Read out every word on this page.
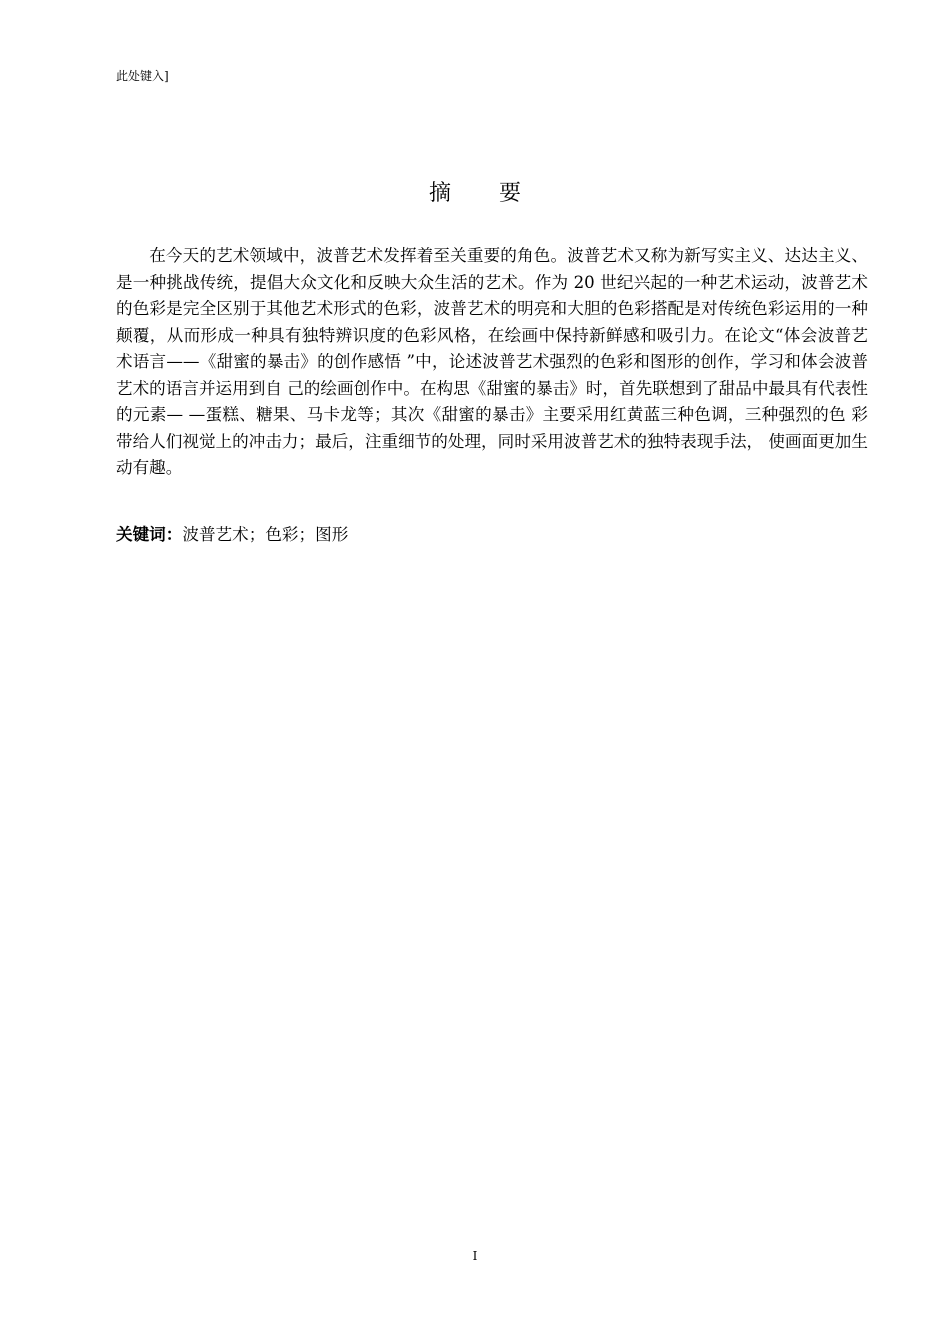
此处键入]
摘 要

在今天的艺术领域中，波普艺术发挥着至关重要的角色。波普艺术又称为新写实主义、达达主义、是一种挑战传统，提倡大众文化和反映大众生活的艺术。作为 20 世纪兴起的一种艺术运动，波普艺术的色彩是完全区别于其他艺术形式的色彩，波普艺术的明亮和大胆的色彩搭配是对传统色彩运用的一种颠覆，从而形成一种具有独特辨识度的色彩风格，在绘画中保持新鲜感和吸引力。在论文“体会波普艺术语言——《甜蜜的暴击》的创作感悟 ”中，论述波普艺术强烈的色彩和图形的创作，学习和体会波普艺术的语言并运用到自 己的绘画创作中。在构思《甜蜜的暴击》时，首先联想到了甜品中最具有代表性的元素— —蛋糕、糖果、马卡龙等；其次《甜蜜的暴击》主要采用红黄蓝三种色调，三种强烈的色 彩带给人们视觉上的冲击力；最后，注重细节的处理，同时采用波普艺术的独特表现手法， 使画面更加生动有趣。

关键词：波普艺术；色彩；图形
I
